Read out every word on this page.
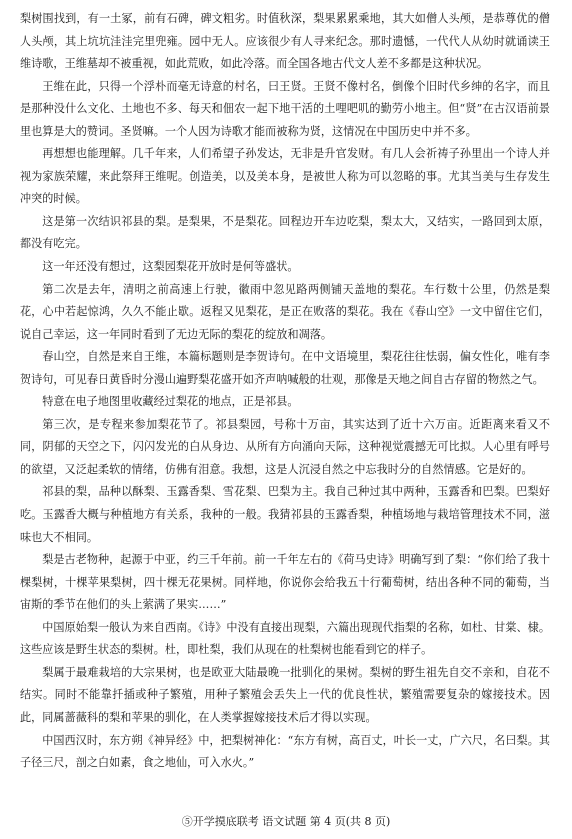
梨树围找到，有一土冢，前有石碑，碑文粗劣。时值秋深，梨果累累乘地，其大如僧人头颅，是恭尊优的僧人头颅，其上坑坑洼洼完里兜雍。园中无人。应该很少有人寻来纪念。那时遗憾，一代代人从幼时就诵读王维诗歌，王维墓却不被重视，如此荒败，如此冷落。而全国各地古代文人差不多都是这种状况。

王维在此，只得一个浮朴而毫无诗意的村名，曰王贤。王贤不像村名，倒像个旧时代乡绅的名字，而且是那种没什么文化、土地也不多、每天和佃农一起下地干活的土哩吧叽的勤劳小地主。但“贤”在古汉语前景里也算是大的赞词。圣贤嘛。一个人因为诗歌才能而被称为贤，这情况在中国历史中并不多。

再想想也能理解。几千年来，人们希望子孙发达，无非是升官发财。有几人会祈祷子孙里出一个诗人并视为家族荣耀，来此祭拜王维呢。创造美，以及美本身，是被世人称为可以忽略的事。尤其当美与生存发生冲突的时候。

这是第一次结识祁县的梨。是梨果，不是梨花。回程边开车边吃梨，梨太大，又结实，一路回到太原，都没有吃完。

这一年还没有想过，这梨园梨花开放时是何等盛状。

第二次是去年，清明之前高速上行驶，徽雨中忽见路两侧铺天盖地的梨花。车行数十公里，仍然是梨花，心中若起惊鸿，久久不能止歇。返程又见梨花，是正在败落的梨花。我在《春山空》一文中留住它们，说自己幸运，这一年同时看到了无边无际的梨花的绽放和凋落。

春山空，自然是来自王维，本篇标题则是李贺诗句。在中文语境里，梨花往往怯弱，偏女性化，唯有李贺诗句，可见春日黄昏时分漫山遍野梨花盛开如齐声呐喊般的壮观，那像是天地之间自古存留的物然之气。

特意在电子地图里收藏经过梨花的地点，正是祁县。

第三次，是专程来参加梨花节了。祁县梨园，号称十万亩，其实达到了近十六万亩。近距离来看又不同，阴郁的天空之下，闪闪发光的白从身边、从所有方向涌向天际，这种视觉震撼无可比拟。人心里有呼号的欲望，又泛起柔软的情绪，仿佛有泪意。我想，这是人沉浸自然之中忘我时分的自然情感。它是好的。

祁县的梨，品种以酥梨、玉露香梨、雪花梨、巴梨为主。我自己种过其中两种，玉露香和巴梨。巴梨好吃。玉露香大概与种植地方有关系，我种的一般。我猜祁县的玉露香梨，种植场地与栽培管理技术不同，滋味也大不相同。

梨是古老物种，起源于中亚，约三千年前。前一千年左右的《荷马史诗》明确写到了梨：“你们给了我十棵梨树，十棵苹果梨树，四十棵无花果树。同样地，你说你会给我五十行葡萄树，结出各种不同的葡萄，当宙斯的季节在他们的头上萦满了果实……”

中国原始梨一般认为来自西南。《诗》中没有直接出现梨，六篇出现现代指梨的名称，如杜、甘棠、棣。这些应该是野生状态的梨树。杜，即杜梨，我们从现在的杜梨树也能看到它的样子。

梨属于最难栽培的大宗果树，也是欧亚大陆最晚一批驯化的果树。梨树的野生祖先自交不亲和，自花不结实。同时不能靠扦插或种子繁殖，用种子繁殖会丢失上一代的优良性状，繁殖需要复杂的嫁接技术。因此，同属蔷薇科的梨和苹果的驯化，在人类掌握嫁接技术后才得以实现。

中国西汉时，东方朔《神异经》中，把梨树神化：“东方有树，高百丈，叶长一丈，广六尺，名曰梨。其子径三尺，剖之白如素，食之地仙，可入水火。”

⑤开学摸底联考 语文试题 第 4 页(共 8 页)
